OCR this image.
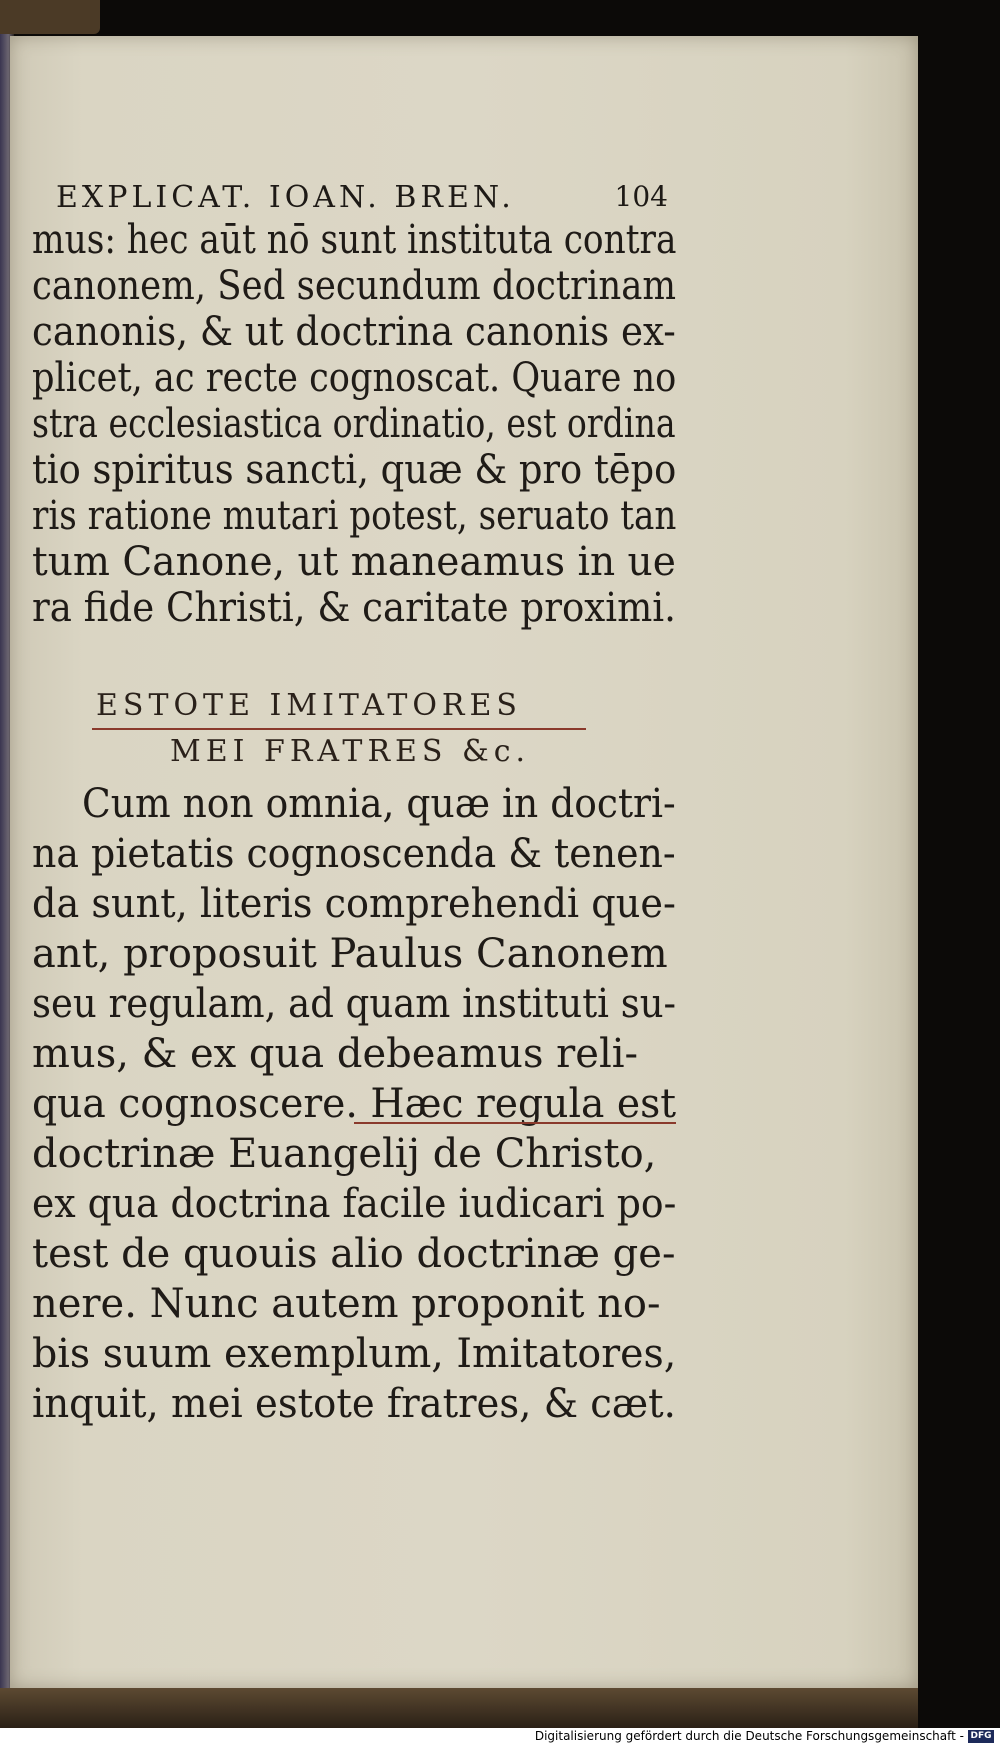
EXPLICAT. IOAN. BREN.	104
mus: hec aūt nō sunt instituta contra
canonem, Sed secundum doctrinam
canonis, & ut doctrina canonis ex-
plicet, ac recte cognoscat. Quare no
stra ecclesiastica ordinatio, est ordina
tio spiritus sancti, quæ & pro tēpo
ris ratione mutari potest, seruato tan
tum Canone, ut maneamus in ue
ra fide Christi, & caritate proximi.
ESTOTE IMITATORES
MEI FRATRES &c.
Cum non omnia, quæ in doctri-
na pietatis cognoscenda & tenen-
da sunt, literis comprehendi que-
ant, proposuit Paulus Canonem
seu regulam, ad quam instituti su-
mus, & ex qua debeamus reli-
qua cognoscere. Hæc regula est
doctrinæ Euangelij de Christo,
ex qua doctrina facile iudicari po-
test de quouis alio doctrinæ ge-
nere. Nunc autem proponit no-
bis suum exemplum, Imitatores,
inquit, mei estote fratres, & cæt.
Digitalisierung gefördert durch die Deutsche Forschungsgemeinschaft - DFG
